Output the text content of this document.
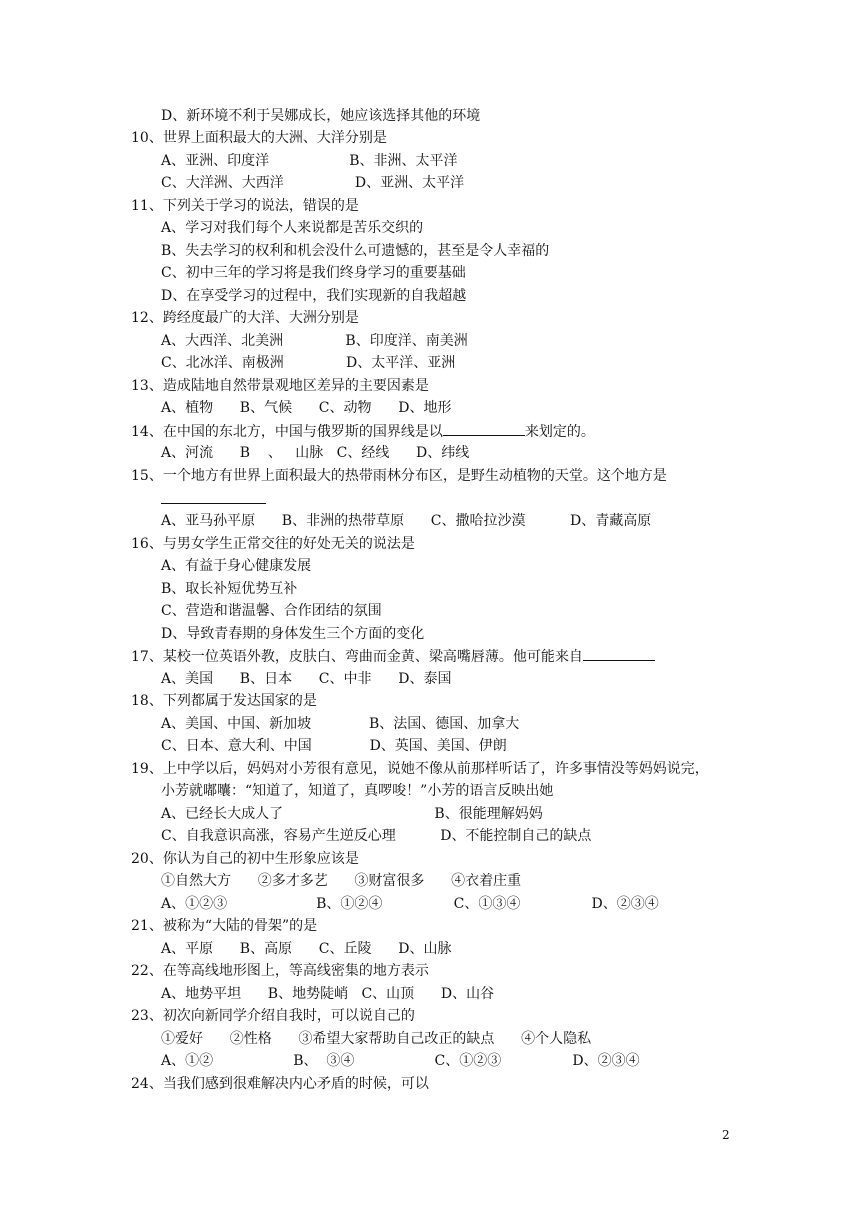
D、新环境不利于吴娜成长，她应该选择其他的环境
10、世界上面积最大的大洲、大洋分别是
A、亚洲、印度洋                  B、非洲、太平洋
C、大洋洲、大西洋                D、亚洲、太平洋
11、下列关于学习的说法，错误的是
A、学习对我们每个人来说都是苦乐交织的
B、失去学习的权利和机会没什么可遗憾的，甚至是令人幸福的
C、初中三年的学习将是我们终身学习的重要基础
D、在享受学习的过程中，我们实现新的自我超越
12、跨经度最广的大洋、大洲分别是
A、大西洋、北美洲              B、印度洋、南美洲
C、北冰洋、南极洲              D、太平洋、亚洲
13、造成陆地自然带景观地区差异的主要因素是
A、植物      B、气候      C、动物      D、地形
14、在中国的东北方，中国与俄罗斯的国界线是以	来划定的。
A、河流      B    、   山脉   C、经线      D、纬线
15、一个地方有世界上面积最大的热带雨林分布区，是野生动植物的天堂。这个地方是
A、亚马孙平原      B、非洲的热带草原      C、撒哈拉沙漠          D、青藏高原
16、与男女学生正常交往的好处无关的说法是
A、有益于身心健康发展
B、取长补短优势互补
C、营造和谐温馨、合作团结的氛围
D、导致青春期的身体发生三个方面的变化
17、某校一位英语外教，皮肤白、弯曲而金黄、梁高嘴唇薄。他可能来自
A、美国      B、日本      C、中非      D、泰国
18、下列都属于发达国家的是
A、美国、中国、新加坡             B、法国、德国、加拿大
C、日本、意大利、中国             D、英国、美国、伊朗
19、上中学以后，妈妈对小芳很有意见，说她不像从前那样听话了，许多事情没等妈妈说完，
小芳就嘟囔：“知道了，知道了，真啰唆！”小芳的语言反映出她
A、已经长大成人了                                  B、很能理解妈妈
C、自我意识高涨，容易产生逆反心理          D、不能控制自己的缺点
20、你认为自己的初中生形象应该是
①自然大方      ②多才多艺      ③财富很多      ④衣着庄重
A、①②③                    B、①②④                C、①③④                D、②③④
21、被称为“大陆的骨架”的是
A、平原      B、高原      C、丘陵      D、山脉
22、在等高线地形图上，等高线密集的地方表示
A、地势平坦      B、地势陡峭   C、山顶      D、山谷
23、初次向新同学介绍自我时，可以说自己的
①爱好      ②性格      ③希望大家帮助自己改正的缺点      ④个人隐私
A、①②                  B、  ③④                  C、①②③                D、②③④
24、当我们感到很难解决内心矛盾的时候，可以
2
